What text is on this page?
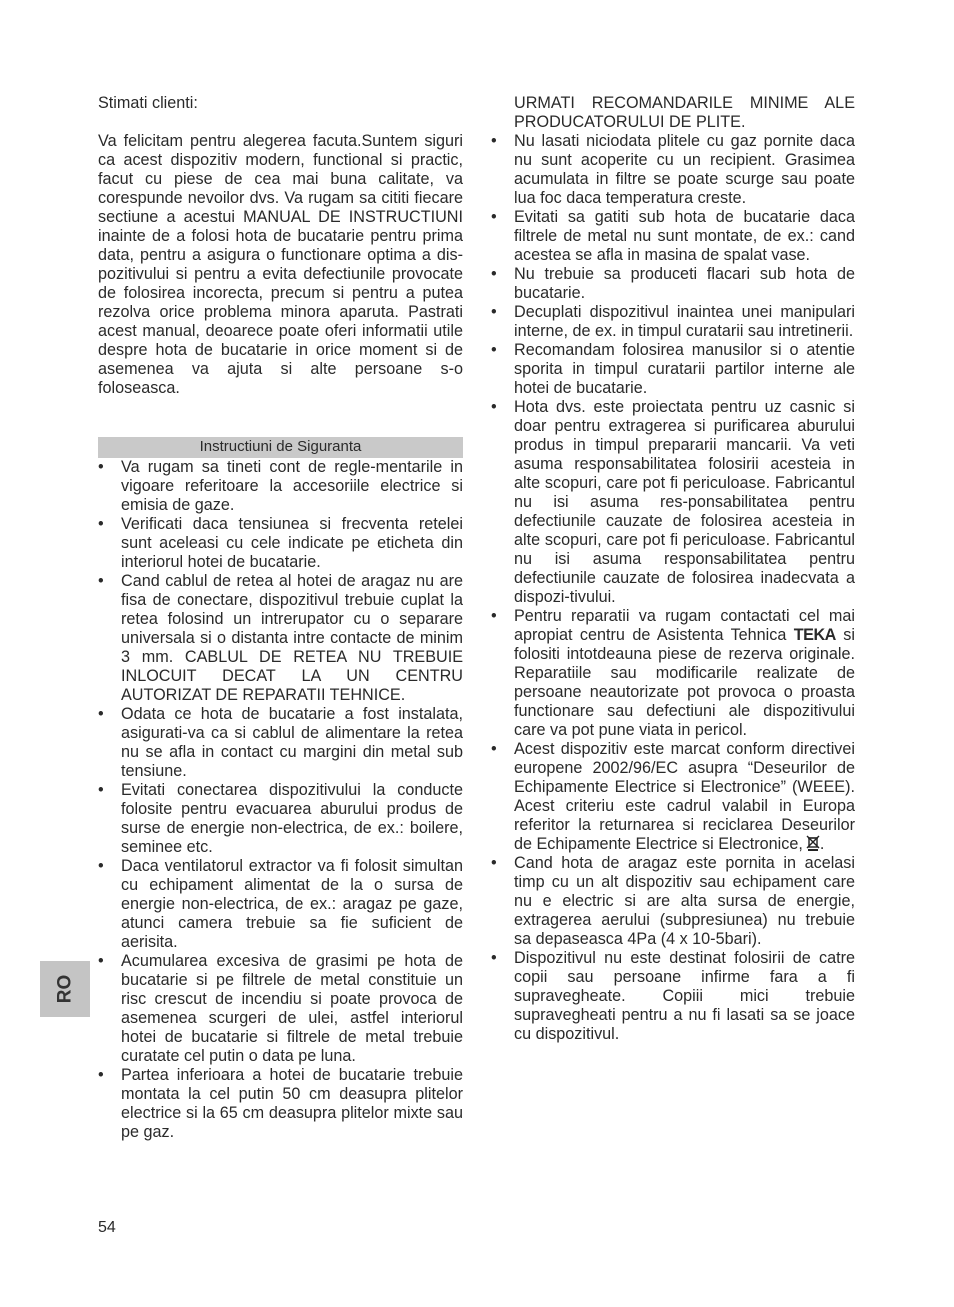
Stimati clienti:

Va felicitam pentru alegerea facuta.Suntem siguri ca acest dispozitiv modern, functional si practic, facut cu piese de cea mai buna calitate, va corespunde nevoilor dvs. Va rugam sa cititi fiecare sectiune a acestui MANUAL DE INSTRUCTIUNI inainte de a folosi hota de bucatarie pentru prima data, pentru a asigura o functionare optima a dis-pozitivului si pentru a evita defectiunile provocate de folosirea incorecta, precum si pentru a putea rezolva orice problema minora aparuta. Pastrati acest manual, deoarece poate oferi informatii utile despre hota de bucatarie in orice moment si de asemenea va ajuta si alte persoane s-o foloseasca.

Instructiuni de Siguranta
• Va rugam sa tineti cont de regle-mentarile in vigoare referitoare la accesoriile electrice si emisia de gaze.
• Verificati daca tensiunea si frecventa retelei sunt aceleasi cu cele indicate pe eticheta din interiorul hotei de bucatarie.
• Cand cablul de retea al hotei de aragaz nu are fisa de conectare, dispozitivul trebuie cuplat la retea folosind un intrerupator cu o separare universala si o distanta intre contacte de minim 3 mm. CABLUL DE RETEA NU TREBUIE INLOCUIT DECAT LA UN CENTRU AUTORIZAT DE REPARATII TEHNICE.
• Odata ce hota de bucatarie a fost instalata, asigurati-va ca si cablul de alimentare la retea nu se afla in contact cu margini din metal sub tensiune.
• Evitati conectarea dispozitivului la conducte folosite pentru evacuarea aburului produs de surse de energie non-electrica, de ex.: boilere, seminee etc.
• Daca ventilatorul extractor va fi folosit simultan cu echipament alimentat de la o sursa de energie non-electrica, de ex.: aragaz pe gaze, atunci camera trebuie sa fie suficient de aerisita.
• Acumularea excesiva de grasimi pe hota de bucatarie si pe filtrele de metal constituie un risc crescut de incendiu si poate provoca de asemenea scurgeri de ulei, astfel interiorul hotei de bucatarie si filtrele de metal trebuie curatate cel putin o data pe luna.
• Partea inferioara a hotei de bucatarie trebuie montata la cel putin 50 cm deasupra plitelor electrice si la 65 cm deasupra plitelor mixte sau pe gaz.

URMATI RECOMANDARILE MINIME ALE PRODUCATORULUI DE PLITE.

• Nu lasati niciodata plitele cu gaz pornite daca nu sunt acoperite cu un recipient. Grasimea acumulata in filtre se poate scurge sau poate lua foc daca temperatura creste.
• Evitati sa gatiti sub hota de bucatarie daca filtrele de metal nu sunt montate, de ex.: cand acestea se afla in masina de spalat vase.
• Nu trebuie sa produceti flacari sub hota de bucatarie.
• Decuplati dispozitivul inaintea unei manipulari interne, de ex. in timpul curatarii sau intretinerii.
• Recomandam folosirea manusilor si o atentie sporita in timpul curatarii partilor interne ale hotei de bucatarie.
• Hota dvs. este proiectata pentru uz casnic si doar pentru extragerea si purificarea aburului produs in timpul prepararii mancarii. Va veti asuma responsabilitatea folosirii acesteia in alte scopuri, care pot fi periculoase. Fabricantul nu isi asuma res-ponsabilitatea pentru defectiunile cauzate de folosirea acesteia in alte scopuri, care pot fi periculoase. Fabricantul nu isi asuma responsabilitatea pentru defectiunile cauzate de folosirea inadecvata a dispozi-tivului.
• Pentru reparatii va rugam contactati cel mai apropiat centru de Asistenta Tehnica TEKA si folositi intotdeauna piese de rezerva originale. Reparatiile sau modificarile realizate de persoane neautorizate pot provoca o proasta functionare sau defectiuni ale dispozitivului care va pot pune viata in pericol.
• Acest dispozitiv este marcat conform directivei europene 2002/96/EC asupra “Deseurilor de Echipamente Electrice si Electronice” (WEEE). Acest criteriu este cadrul valabil in Europa referitor la returnarea si reciclarea Deseurilor de Echipamente Electrice si Electronice, .
• Cand hota de aragaz este pornita in acelasi timp cu un alt dispozitiv sau echipament care nu e electric si are alta sursa de energie, extragerea aerului (subpresiunea) nu trebuie sa depaseasca 4Pa (4 x 10-5bari).
• Dispozitivul nu este destinat folosirii de catre copii sau persoane infirme fara a fi supravegheate. Copiii mici trebuie supravegheati pentru a nu fi lasati sa se joace cu dispozitivul.
RO
54
